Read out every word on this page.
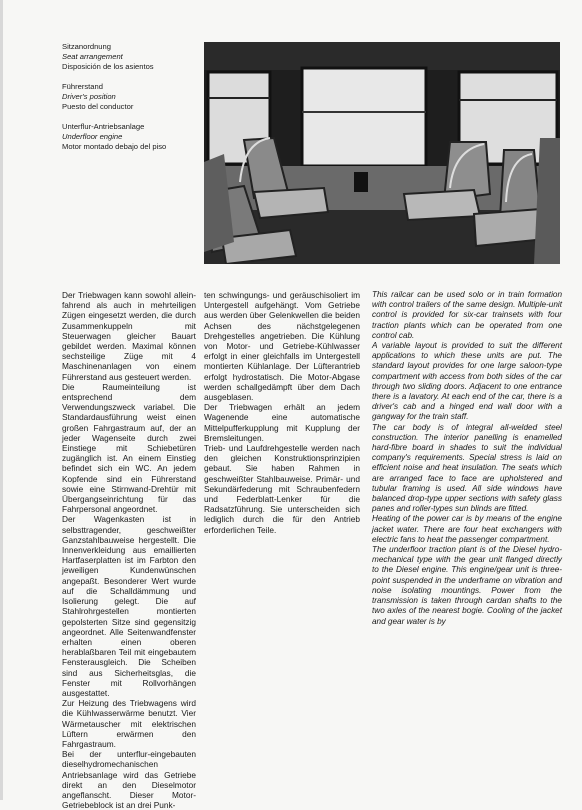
Sitzanordnung
Seat arrangement
Disposición de los asientos
Führerstand
Driver's position
Puesto del conductor
Unterflur-Antriebsanlage
Underfloor engine
Motor montado debajo del piso

Der Triebwagen kann sowohl allein-fahrend als auch in mehrteiligen Zügen eingesetzt werden, die durch Zusammenkuppeln mit Steuerwagen gleicher Bauart gebildet werden. Maximal können sechsteilige Züge mit 4 Maschinenanlagen von einem Führerstand aus gesteuert werden.

Die Raumeinteilung ist entsprechend dem Verwendungszweck variabel. Die Standardausführung weist einen großen Fahrgastraum auf, der an jeder Wagenseite durch zwei Einstiege mit Schiebetüren zugänglich ist. An einem Einstieg befindet sich ein WC. An jedem Kopfende sind ein Führerstand sowie eine Stirnwand-Drehtür mit Übergangseinrichtung für das Fahrpersonal angeordnet.

Der Wagenkasten ist in selbsttragender, geschweißter Ganzstahlbauweise hergestellt. Die Innenverkleidung aus emaillierten Hartfaserplatten ist im Farbton den jeweiligen Kundenwünschen angepaßt. Besonderer Wert wurde auf die Schalldämmung und Isolierung gelegt. Die auf Stahlrohrgestellen montierten gepolsterten Sitze sind gegensitzig angeordnet. Alle Seitenwandfenster erhalten einen oberen herablaßbaren Teil mit eingebautem Fensterausgleich. Die Scheiben sind aus Sicherheitsglas, die Fenster mit Rollvorhängen ausgestattet.

Zur Heizung des Triebwagens wird die Kühlwasserwärme benutzt. Vier Wärmetauscher mit elektrischen Lüftern erwärmen den Fahrgastraum.

Bei der unterflur-eingebauten dieselhydromechanischen Antriebsanlage wird das Getriebe direkt an den Dieselmotor angeflanscht. Dieser Motor-Getriebeblock ist an drei Punk-

ten schwingungs- und geräuschisoliert im Untergestell aufgehängt. Vom Getriebe aus werden über Gelenkwellen die beiden Achsen des nächstgelegenen Drehgestelles angetrieben. Die Kühlung von Motor- und Getriebe-Kühlwasser erfolgt in einer gleichfalls im Untergestell montierten Kühlanlage. Der Lüfterantrieb erfolgt hydrostatisch. Die Motor-Abgase werden schallgedämpft über dem Dach ausgeblasen.

Der Triebwagen erhält an jedem Wagenende eine automatische Mittelpufferkupplung mit Kupplung der Bremsleitungen.

Trieb- und Laufdrehgestelle werden nach den gleichen Konstruktionsprinzipien gebaut. Sie haben Rahmen in geschweißter Stahlbauweise. Primär- und Sekundärfederung mit Schraubenfedern und Federblatt-Lenker für die Radsatzführung. Sie unterscheiden sich lediglich durch die für den Antrieb erforderlichen Teile.

This railcar can be used solo or in train formation with control trailers of the same design. Multiple-unit control is provided for six-car trainsets with four traction plants which can be operated from one control cab.

A variable layout is provided to suit the different applications to which these units are put. The standard layout provides for one large saloon-type compartment with access from both sides of the car through two sliding doors. Adjacent to one entrance there is a lavatory. At each end of the car, there is a driver's cab and a hinged end wall door with a gangway for the train staff.

The car body is of integral all-welded steel construction. The interior panelling is enamelled hard-fibre board in shades to suit the individual company's requirements. Special stress is laid on efficient noise and heat insulation. The seats which are arranged face to face are upholstered and tubular framing is used. All side windows have balanced drop-type upper sections with safety glass panes and roller-types sun blinds are fitted.

Heating of the power car is by means of the engine jacket water. There are four heat exchangers with electric fans to heat the passenger compartment.

The underfloor traction plant is of the Diesel hydro-mechanical type with the gear unit flanged directly to the Diesel engine. This engine/gear unit is three-point suspended in the underframe on vibration and noise isolating mountings. Power from the transmission is taken through cardan shafts to the two axles of the nearest bogie. Cooling of the jacket and gear water is by
